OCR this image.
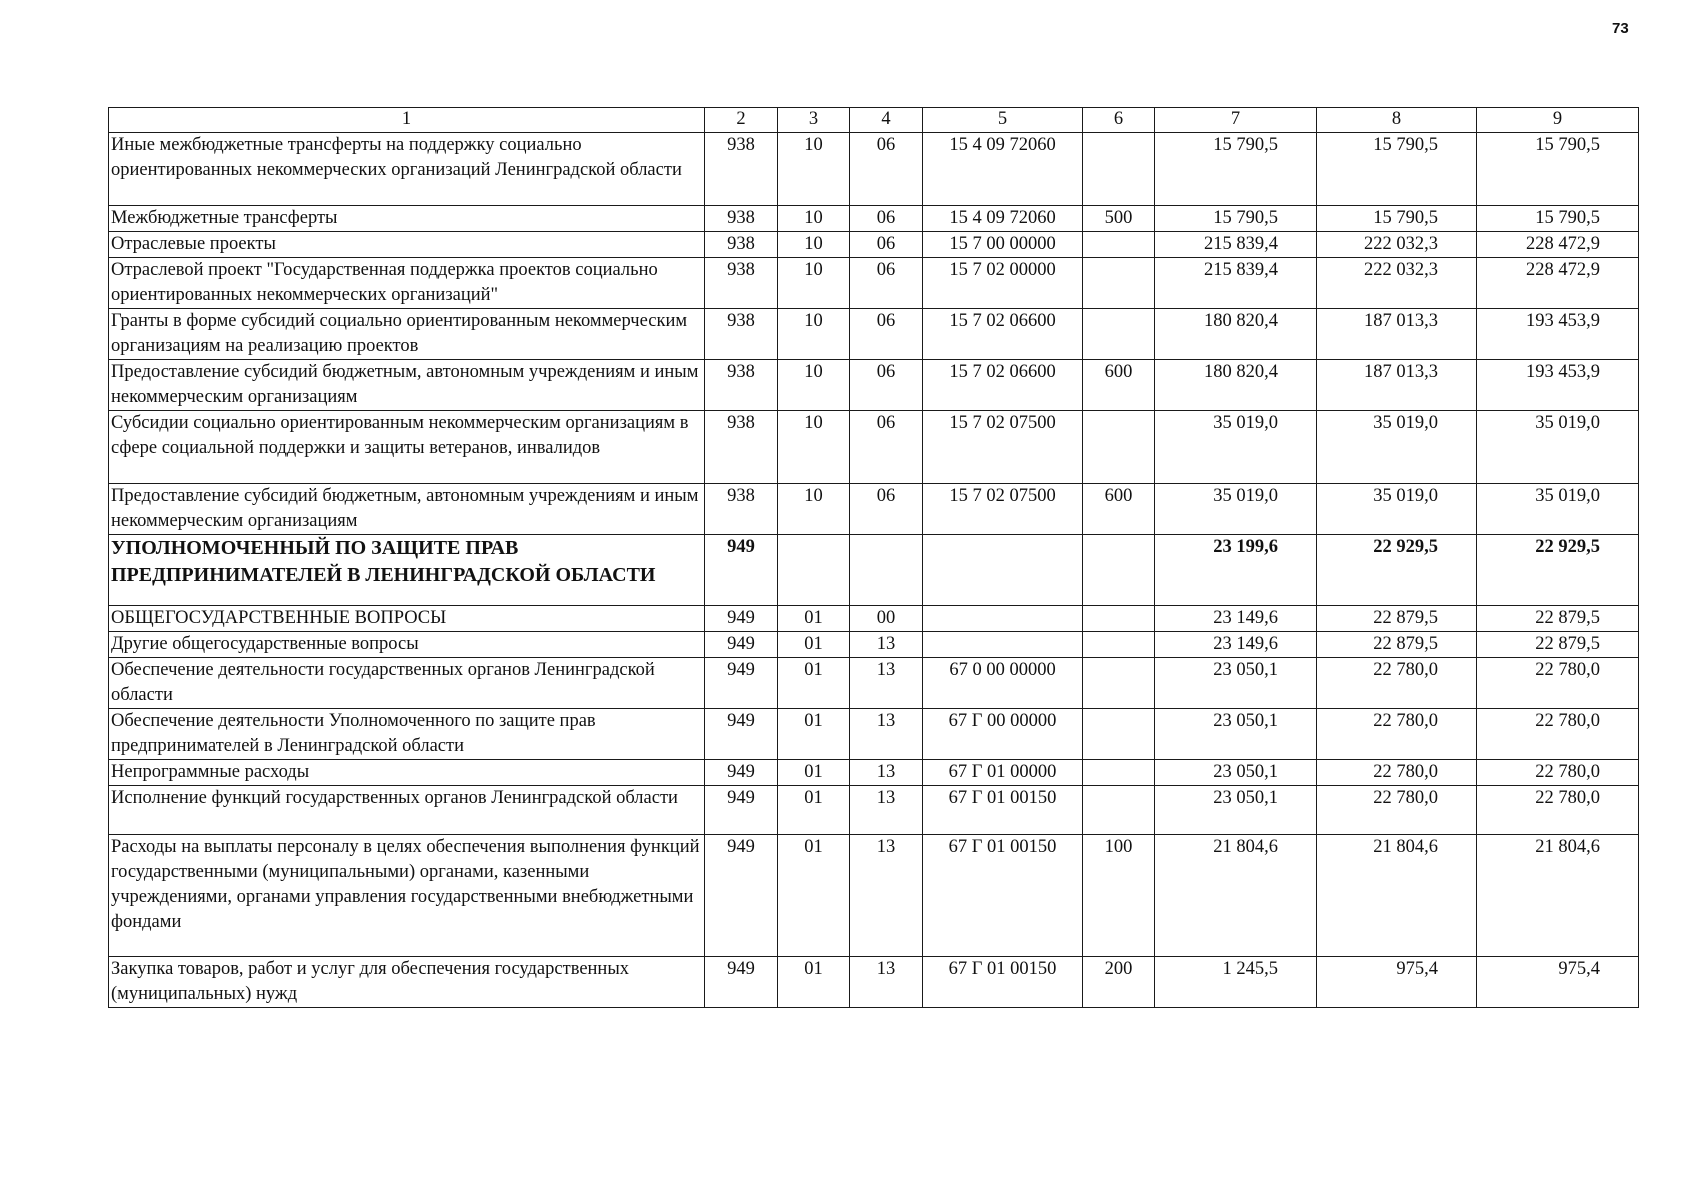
73
1	2	3	4	5	6	7	8	9
Иные межбюджетные трансферты на поддержку социально ориентированных некоммерческих организаций Ленинградской области	938	10	06	15 4 09 72060		15 790,5	15 790,5	15 790,5
Межбюджетные трансферты	938	10	06	15 4 09 72060	500	15 790,5	15 790,5	15 790,5
Отраслевые проекты	938	10	06	15 7 00 00000		215 839,4	222 032,3	228 472,9
Отраслевой проект "Государственная поддержка проектов социально ориентированных некоммерческих организаций"	938	10	06	15 7 02 00000		215 839,4	222 032,3	228 472,9
Гранты в форме субсидий социально ориентированным некоммерческим организациям на реализацию проектов	938	10	06	15 7 02 06600		180 820,4	187 013,3	193 453,9
Предоставление субсидий бюджетным, автономным учреждениям и иным некоммерческим организациям	938	10	06	15 7 02 06600	600	180 820,4	187 013,3	193 453,9
Субсидии социально ориентированным некоммерческим организациям в сфере социальной поддержки и защиты ветеранов, инвалидов	938	10	06	15 7 02 07500		35 019,0	35 019,0	35 019,0
Предоставление субсидий бюджетным, автономным учреждениям и иным некоммерческим организациям	938	10	06	15 7 02 07500	600	35 019,0	35 019,0	35 019,0
УПОЛНОМОЧЕННЫЙ ПО ЗАЩИТЕ ПРАВ ПРЕДПРИНИМАТЕЛЕЙ В ЛЕНИНГРАДСКОЙ ОБЛАСТИ	949					23 199,6	22 929,5	22 929,5
ОБЩЕГОСУДАРСТВЕННЫЕ ВОПРОСЫ	949	01	00			23 149,6	22 879,5	22 879,5
Другие общегосударственные вопросы	949	01	13			23 149,6	22 879,5	22 879,5
Обеспечение деятельности государственных органов Ленинградской области	949	01	13	67 0 00 00000		23 050,1	22 780,0	22 780,0
Обеспечение деятельности Уполномоченного по защите прав предпринимателей в Ленинградской области	949	01	13	67 Г 00 00000		23 050,1	22 780,0	22 780,0
Непрограммные расходы	949	01	13	67 Г 01 00000		23 050,1	22 780,0	22 780,0
Исполнение функций государственных органов Ленинградской области	949	01	13	67 Г 01 00150		23 050,1	22 780,0	22 780,0
Расходы на выплаты персоналу в целях обеспечения выполнения функций государственными (муниципальными) органами, казенными учреждениями, органами управления государственными внебюджетными фондами	949	01	13	67 Г 01 00150	100	21 804,6	21 804,6	21 804,6
Закупка товаров, работ и услуг для обеспечения государственных (муниципальных) нужд	949	01	13	67 Г 01 00150	200	1 245,5	975,4	975,4
